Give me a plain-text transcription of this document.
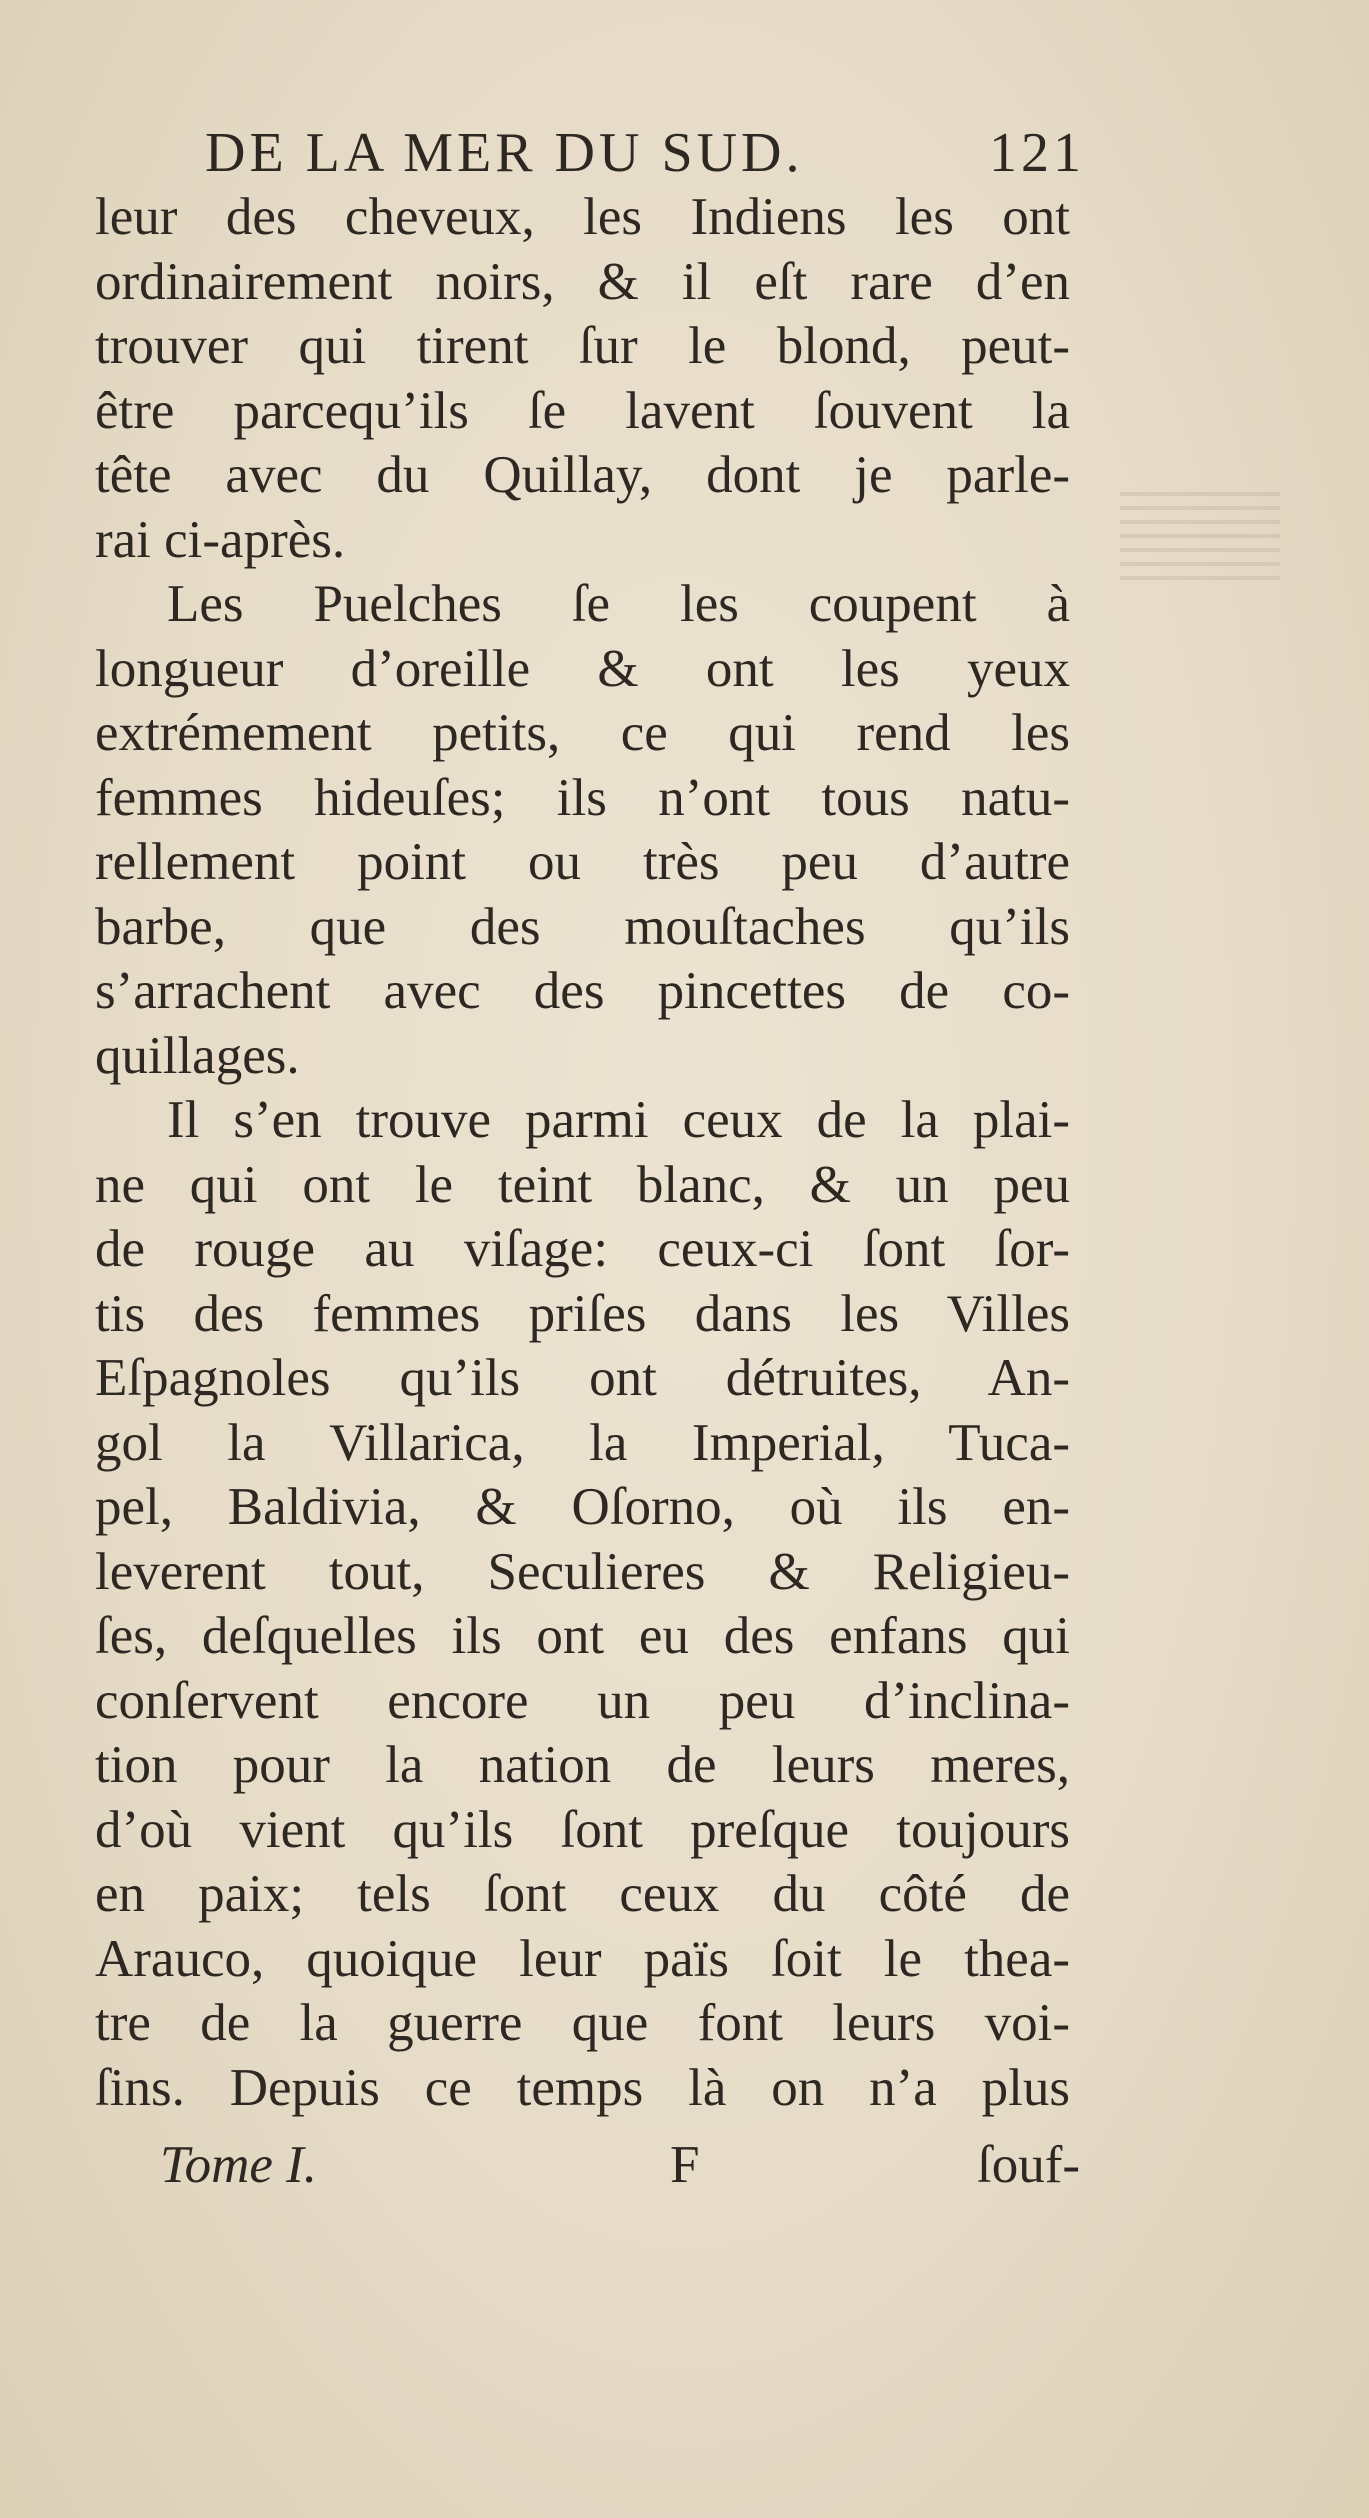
DE LA MER DU SUD.	121
leur des cheveux, les Indiens les ont
ordinairement noirs, & il eſt rare d’en
trouver qui tirent ſur le blond, peut-
être parcequ’ils ſe lavent ſouvent la
tête avec du Quillay, dont je parle-
rai ci-après.
Les Puelches ſe les coupent à
longueur d’oreille & ont les yeux
extrémement petits, ce qui rend les
femmes hideuſes; ils n’ont tous natu-
rellement point ou très peu d’autre
barbe, que des mouſtaches qu’ils
s’arrachent avec des pincettes de co-
quillages.
Il s’en trouve parmi ceux de la plai-
ne qui ont le teint blanc, & un peu
de rouge au viſage: ceux-ci ſont ſor-
tis des femmes priſes dans les Villes
Eſpagnoles qu’ils ont détruites, An-
gol la Villarica, la Imperial, Tuca-
pel, Baldivia, & Oſorno, où ils en-
leverent tout, Seculieres & Religieu-
ſes, deſquelles ils ont eu des enfans qui
conſervent encore un peu d’inclina-
tion pour la nation de leurs meres,
d’où vient qu’ils ſont preſque toujours
en paix; tels ſont ceux du côté de
Arauco, quoique leur païs ſoit le thea-
tre de la guerre que font leurs voi-
ſins. Depuis ce temps là on n’a plus
Tome I.	F	ſouf-
